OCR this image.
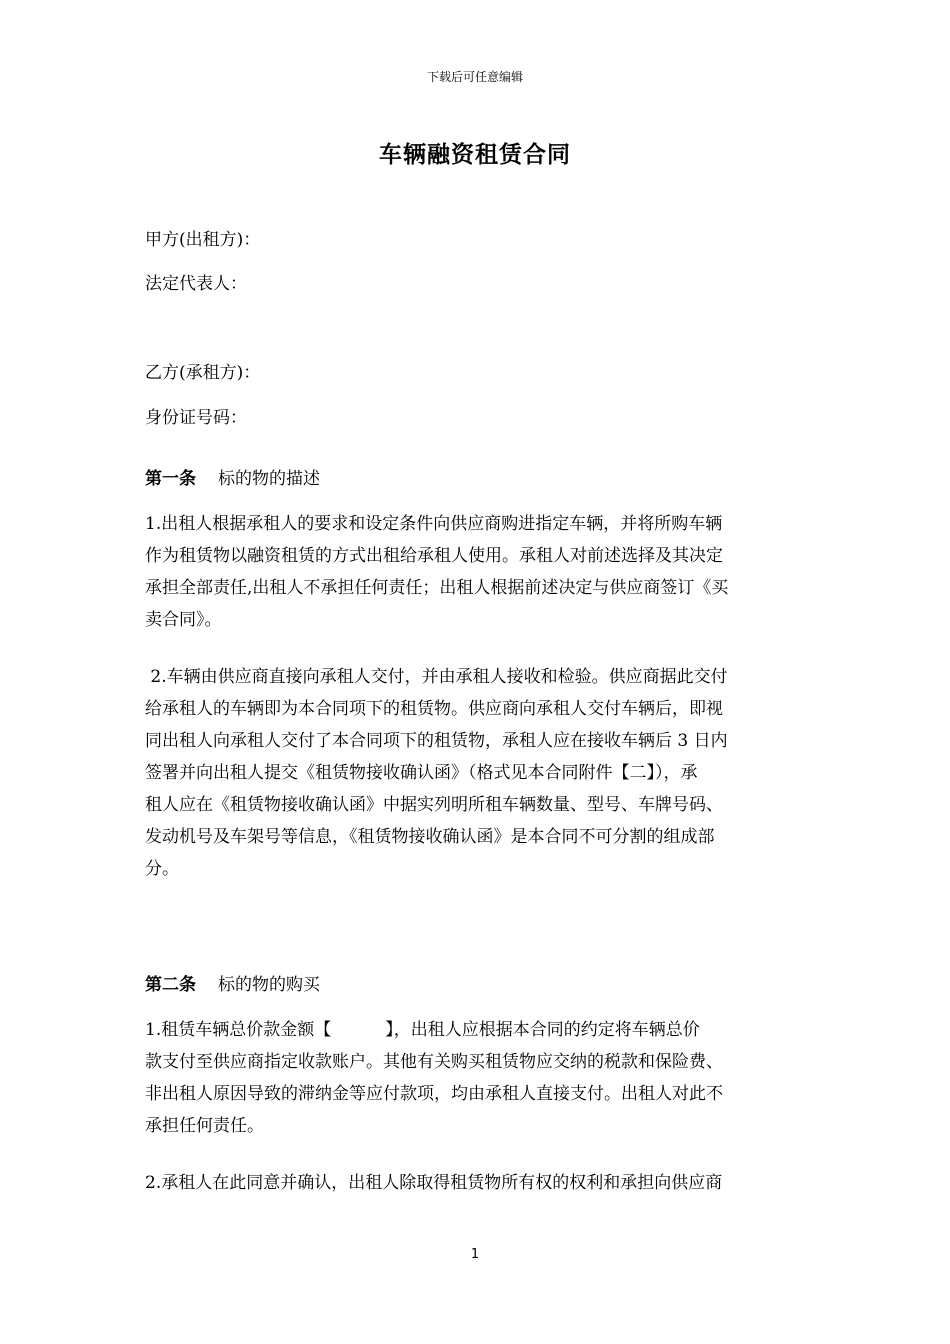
下载后可任意编辑
车辆融资租赁合同
甲方(出租方)：
法定代表人：
乙方(承租方)：
身份证号码：
第一条 标的物的描述
1.出租人根据承租人的要求和设定条件向供应商购进指定车辆，并将所购车辆
作为租赁物以融资租赁的方式出租给承租人使用。承租人对前述选择及其决定
承担全部责任,出租人不承担任何责任；出租人根据前述决定与供应商签订《买
卖合同》。
2.车辆由供应商直接向承租人交付，并由承租人接收和检验。供应商据此交付
给承租人的车辆即为本合同项下的租赁物。供应商向承租人交付车辆后，即视
同出租人向承租人交付了本合同项下的租赁物，承租人应在接收车辆后 3 日内
签署并向出租人提交《租赁物接收确认函》（格式见本合同附件【二】），承
租人应在《租赁物接收确认函》中据实列明所租车辆数量、型号、车牌号码、
发动机号及车架号等信息，《租赁物接收确认函》是本合同不可分割的组成部
分。
第二条 标的物的购买
1.租赁车辆总价款金额【          】，出租人应根据本合同的约定将车辆总价
款支付至供应商指定收款账户。其他有关购买租赁物应交纳的税款和保险费、
非出租人原因导致的滞纳金等应付款项，均由承租人直接支付。出租人对此不
承担任何责任。
2.承租人在此同意并确认，出租人除取得租赁物所有权的权利和承担向供应商
1
